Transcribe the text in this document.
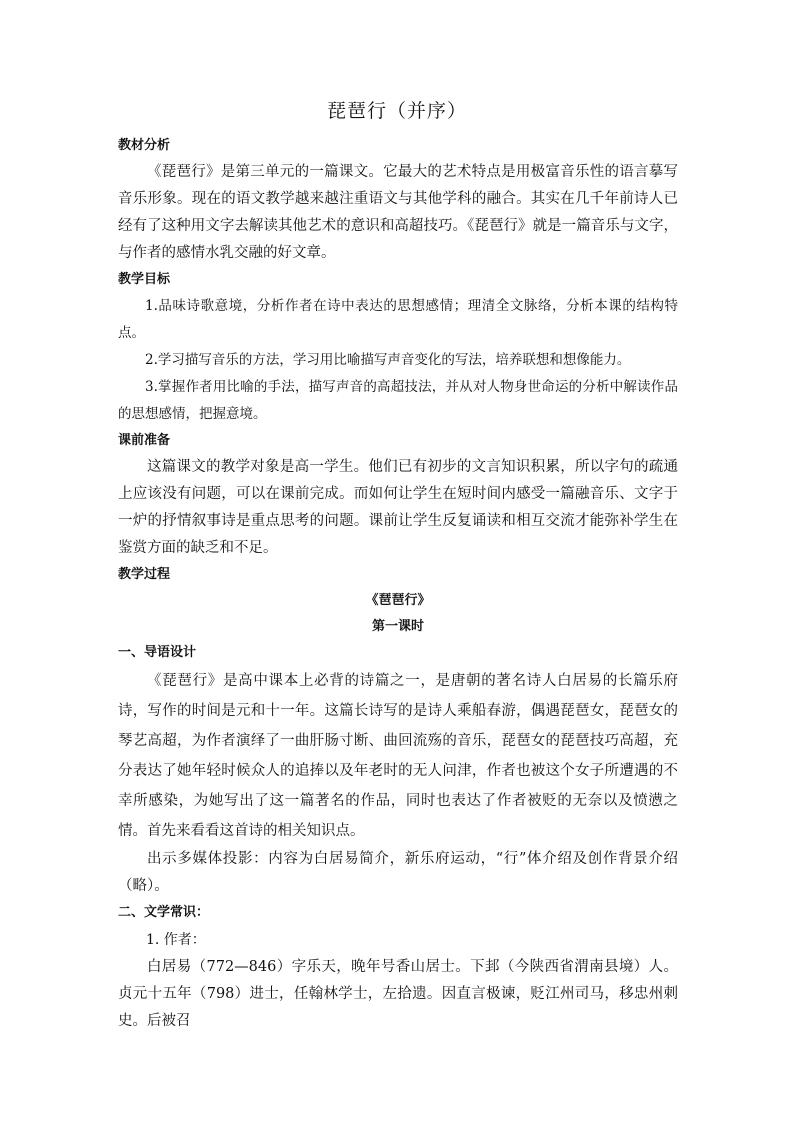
琵琶行（并序）

教材分析

《琵琶行》是第三单元的一篇课文。它最大的艺术特点是用极富音乐性的语言摹写音乐形象。现在的语文教学越来越注重语文与其他学科的融合。其实在几千年前诗人已经有了这种用文字去解读其他艺术的意识和高超技巧。《琵琶行》就是一篇音乐与文字，与作者的感情水乳交融的好文章。

教学目标

1.品味诗歌意境，分析作者在诗中表达的思想感情；理清全文脉络，分析本课的结构特点。

2.学习描写音乐的方法，学习用比喻描写声音变化的写法，培养联想和想像能力。

3.掌握作者用比喻的手法，描写声音的高超技法，并从对人物身世命运的分析中解读作品的思想感情，把握意境。

课前准备

这篇课文的教学对象是高一学生。他们已有初步的文言知识积累，所以字句的疏通上应该没有问题，可以在课前完成。而如何让学生在短时间内感受一篇融音乐、文字于一炉的抒情叙事诗是重点思考的问题。课前让学生反复诵读和相互交流才能弥补学生在鉴赏方面的缺乏和不足。

教学过程

《琶琶行》

第一课时

一、导语设计

《琵琶行》是高中课本上必背的诗篇之一，是唐朝的著名诗人白居易的长篇乐府诗，写作的时间是元和十一年。这篇长诗写的是诗人乘船春游，偶遇琵琶女，琵琶女的琴艺高超，为作者演绎了一曲肝肠寸断、曲回流殇的音乐，琵琶女的琵琶技巧高超，充分表达了她年轻时候众人的追捧以及年老时的无人问津，作者也被这个女子所遭遇的不幸所感染，为她写出了这一篇著名的作品，同时也表达了作者被贬的无奈以及愤懑之情。首先来看看这首诗的相关知识点。

出示多媒体投影：内容为白居易简介，新乐府运动，“行”体介绍及创作背景介绍（略）。

二、文学常识：

1. 作者：

白居易（772—846）字乐天，晚年号香山居士。下邽（今陕西省渭南县境）人。贞元十五年（798）进士，任翰林学士，左拾遗。因直言极谏，贬江州司马，移忠州刺史。后被召
